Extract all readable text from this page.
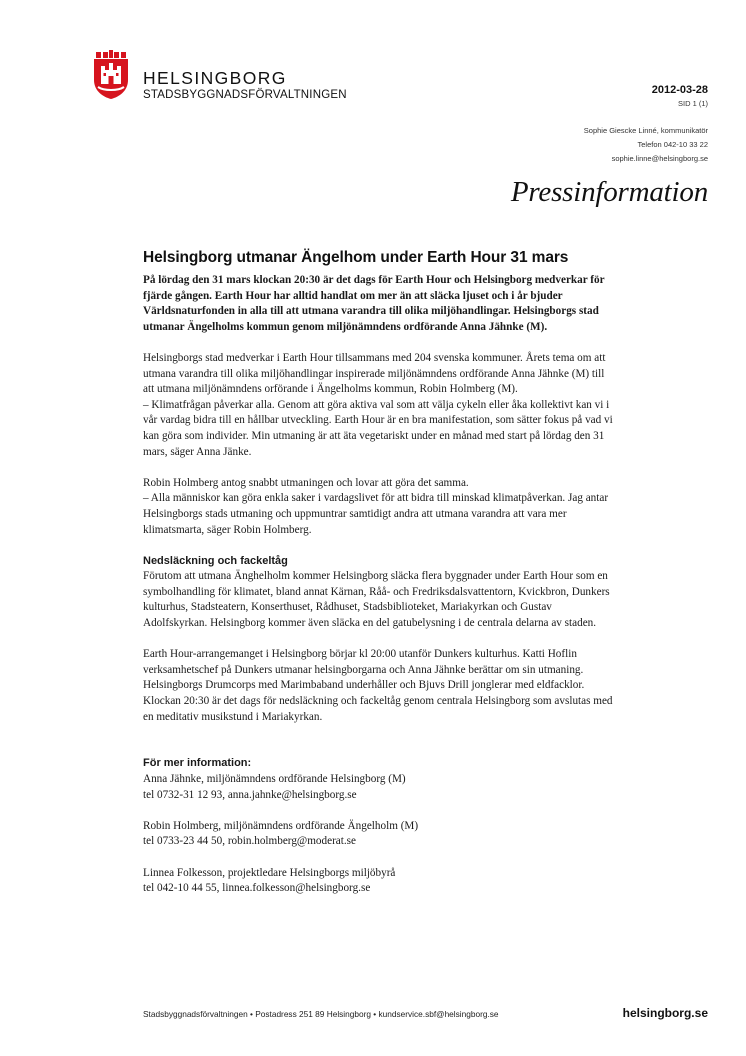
HELSINGBORG
STADSBYGGNADSFÖRVALTNINGEN	2012-03-28
SID 1 (1)
Sophie Giescke Linné, kommunikatör
Telefon 042-10 33 22
sophie.linne@helsingborg.se
Pressinformation
Helsingborg utmanar Ängelhom under Earth Hour 31 mars

På lördag den 31 mars klockan 20:30 är det dags för Earth Hour och Helsingborg medverkar för fjärde gången. Earth Hour har alltid handlat om mer än att släcka ljuset och i år bjuder Världsnaturfonden in alla till att utmana varandra till olika miljöhandlingar. Helsingborgs stad utmanar Ängelholms kommun genom miljönämndens ordförande Anna Jähnke (M).

Helsingborgs stad medverkar i Earth Hour tillsammans med 204 svenska kommuner. Årets tema om att utmana varandra till olika miljöhandlingar inspirerade miljönämndens ordförande Anna Jähnke (M) till att utmana miljönämndens orförande i Ängelholms kommun, Robin Holmberg (M).

– Klimatfrågan påverkar alla. Genom att göra aktiva val som att välja cykeln eller åka kollektivt kan vi i vår vardag bidra till en hållbar utveckling. Earth Hour är en bra manifestation, som sätter fokus på vad vi kan göra som individer. Min utmaning är att äta vegetariskt under en månad med start på lördag den 31 mars, säger Anna Jänke.

Robin Holmberg antog snabbt utmaningen och lovar att göra det samma.

– Alla människor kan göra enkla saker i vardagslivet för att bidra till minskad klimatpåverkan. Jag antar Helsingborgs stads utmaning och uppmuntrar samtidigt andra att utmana varandra att vara mer klimatsmarta, säger Robin Holmberg.

Nedsläckning och fackeltåg

Förutom att utmana Änghelholm kommer Helsingborg släcka flera byggnader under Earth Hour som en symbolhandling för klimatet, bland annat Kärnan, Råå- och Fredriksdalsvattentorn, Kvickbron, Dunkers kulturhus, Stadsteatern, Konserthuset, Rådhuset, Stadsbiblioteket, Mariakyrkan och Gustav Adolfskyrkan. Helsingborg kommer även släcka en del gatubelysning i de centrala delarna av staden.

Earth Hour-arrangemanget i Helsingborg börjar kl 20:00 utanför Dunkers kulturhus. Katti Hoflin verksamhetschef på Dunkers utmanar helsingborgarna och Anna Jähnke berättar om sin utmaning. Helsingborgs Drumcorps med Marimbaband underhåller och Bjuvs Drill jonglerar med eldfacklor. Klockan 20:30 är det dags för nedsläckning och fackeltåg genom centrala Helsingborg som avslutas med en meditativ musikstund i Mariakyrkan.

För mer information:

Anna Jähnke, miljönämndens ordförande Helsingborg (M)

tel 0732-31 12 93, anna.jahnke@helsingborg.se

Robin Holmberg, miljönämndens ordförande Ängelholm (M)

tel 0733-23 44 50, robin.holmberg@moderat.se

Linnea Folkesson, projektledare Helsingborgs miljöbyrå

tel 042-10 44 55, linnea.folkesson@helsingborg.se

Stadsbyggnadsförvaltningen • Postadress 251 89 Helsingborg • kundservice.sbf@helsingborg.se	helsingborg.se
